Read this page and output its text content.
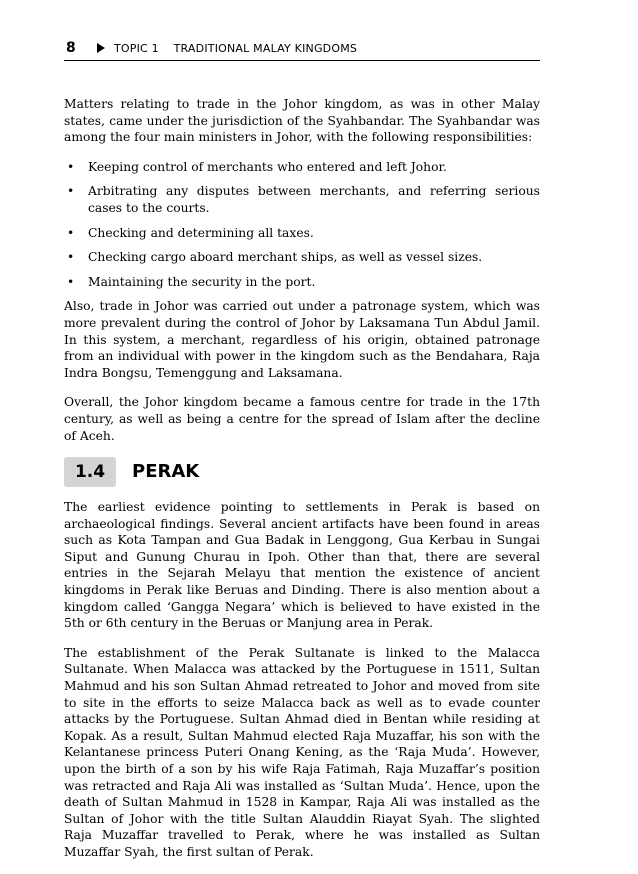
8	TOPIC 1    TRADITIONAL MALAY KINGDOMS

Matters relating to trade in the Johor kingdom, as was in other Malay states, came under the jurisdiction of the Syahbandar. The Syahbandar was among the four main ministers in Johor, with the following responsibilities:

• Keeping control of merchants who entered and left Johor.
• Arbitrating any disputes between merchants, and referring serious cases to the courts.
• Checking and determining all taxes.
• Checking cargo aboard merchant ships, as well as vessel sizes.
• Maintaining the security in the port.

Also, trade in Johor was carried out under a patronage system, which was more prevalent during the control of Johor by Laksamana Tun Abdul Jamil. In this system, a merchant, regardless of his origin, obtained patronage from an individual with power in the kingdom such as the Bendahara, Raja Indra Bongsu, Temenggung and Laksamana.

Overall, the Johor kingdom became a famous centre for trade in the 17th century, as well as being a centre for the spread of Islam after the decline of Aceh.

1.4	PERAK

The earliest evidence pointing to settlements in Perak is based on archaeological findings. Several ancient artifacts have been found in areas such as Kota Tampan and Gua Badak in Lenggong, Gua Kerbau in Sungai Siput and Gunung Churau in Ipoh. Other than that, there are several entries in the Sejarah Melayu that mention the existence of ancient kingdoms in Perak like Beruas and Dinding. There is also mention about a kingdom called ‘Gangga Negara’ which is believed to have existed in the 5th or 6th century in the Beruas or Manjung area in Perak.

The establishment of the Perak Sultanate is linked to the Malacca Sultanate. When Malacca was attacked by the Portuguese in 1511, Sultan Mahmud and his son Sultan Ahmad retreated to Johor and moved from site to site in the efforts to seize Malacca back as well as to evade counter attacks by the Portuguese. Sultan Ahmad died in Bentan while residing at Kopak. As a result, Sultan Mahmud elected Raja Muzaffar, his son with the Kelantanese princess Puteri Onang Kening, as the ‘Raja Muda’. However, upon the birth of a son by his wife Raja Fatimah, Raja Muzaffar’s position was retracted and Raja Ali was installed as ‘Sultan Muda’. Hence, upon the death of Sultan Mahmud in 1528 in Kampar, Raja Ali was installed as the Sultan of Johor with the title Sultan Alauddin Riayat Syah. The slighted Raja Muzaffar travelled to Perak, where he was installed as Sultan Muzaffar Syah, the first sultan of Perak.
